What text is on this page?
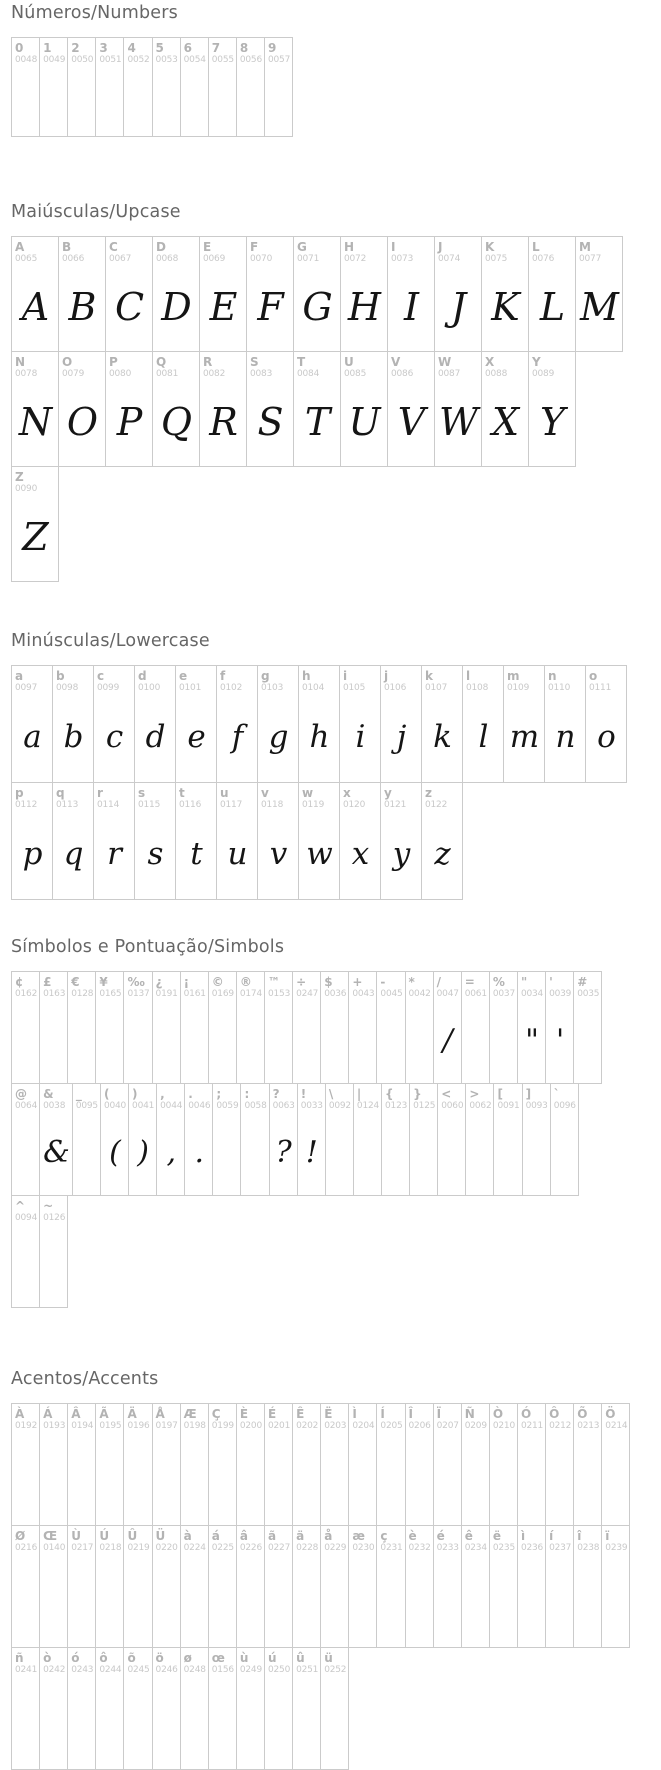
Números/Numbers
0
0048
1
0049
2
0050
3
0051
4
0052
5
0053
6
0054
7
0055
8
0056
9
0057
Maiúsculas/Upcase
A
0065
A
B
0066
B
C
0067
C
D
0068
D
E
0069
E
F
0070
F
G
0071
G
H
0072
H
I
0073
I
J
0074
J
K
0075
K
L
0076
L
M
0077
M
N
0078
N
O
0079
O
P
0080
P
Q
0081
Q
R
0082
R
S
0083
S
T
0084
T
U
0085
U
V
0086
V
W
0087
W
X
0088
X
Y
0089
Y
Z
0090
Z
Minúsculas/Lowercase
a
0097
a
b
0098
b
c
0099
c
d
0100
d
e
0101
e
f
0102
f
g
0103
g
h
0104
h
i
0105
i
j
0106
j
k
0107
k
l
0108
l
m
0109
m
n
0110
n
o
0111
o
p
0112
p
q
0113
q
r
0114
r
s
0115
s
t
0116
t
u
0117
u
v
0118
v
w
0119
w
x
0120
x
y
0121
y
z
0122
z
Símbolos e Pontuação/Simbols
¢
0162
£
0163
€
0128
¥
0165
‰
0137
¿
0191
¡
0161
©
0169
®
0174
™
0153
÷
0247
$
0036
+
0043
-
0045
*
0042
/
0047
/
=
0061
%
0037
"
0034
"
'
0039
'
#
0035
@
0064
&
0038
&
_
0095
(
0040
(
)
0041
)
,
0044
,
.
0046
.
;
0059
:
0058
?
0063
?
!
0033
!
\
0092
|
0124
{
0123
}
0125
<
0060
>
0062
[
0091
]
0093
`
0096
^
0094
~
0126
Acentos/Accents
À
0192
Á
0193
Â
0194
Ã
0195
Ä
0196
Å
0197
Æ
0198
Ç
0199
È
0200
É
0201
Ê
0202
Ë
0203
Ì
0204
Í
0205
Î
0206
Ï
0207
Ñ
0209
Ò
0210
Ó
0211
Ô
0212
Õ
0213
Ö
0214
Ø
0216
Œ
0140
Ù
0217
Ú
0218
Û
0219
Ü
0220
à
0224
á
0225
â
0226
ã
0227
ä
0228
å
0229
æ
0230
ç
0231
è
0232
é
0233
ê
0234
ë
0235
ì
0236
í
0237
î
0238
ï
0239
ñ
0241
ò
0242
ó
0243
ô
0244
õ
0245
ö
0246
ø
0248
œ
0156
ù
0249
ú
0250
û
0251
ü
0252
